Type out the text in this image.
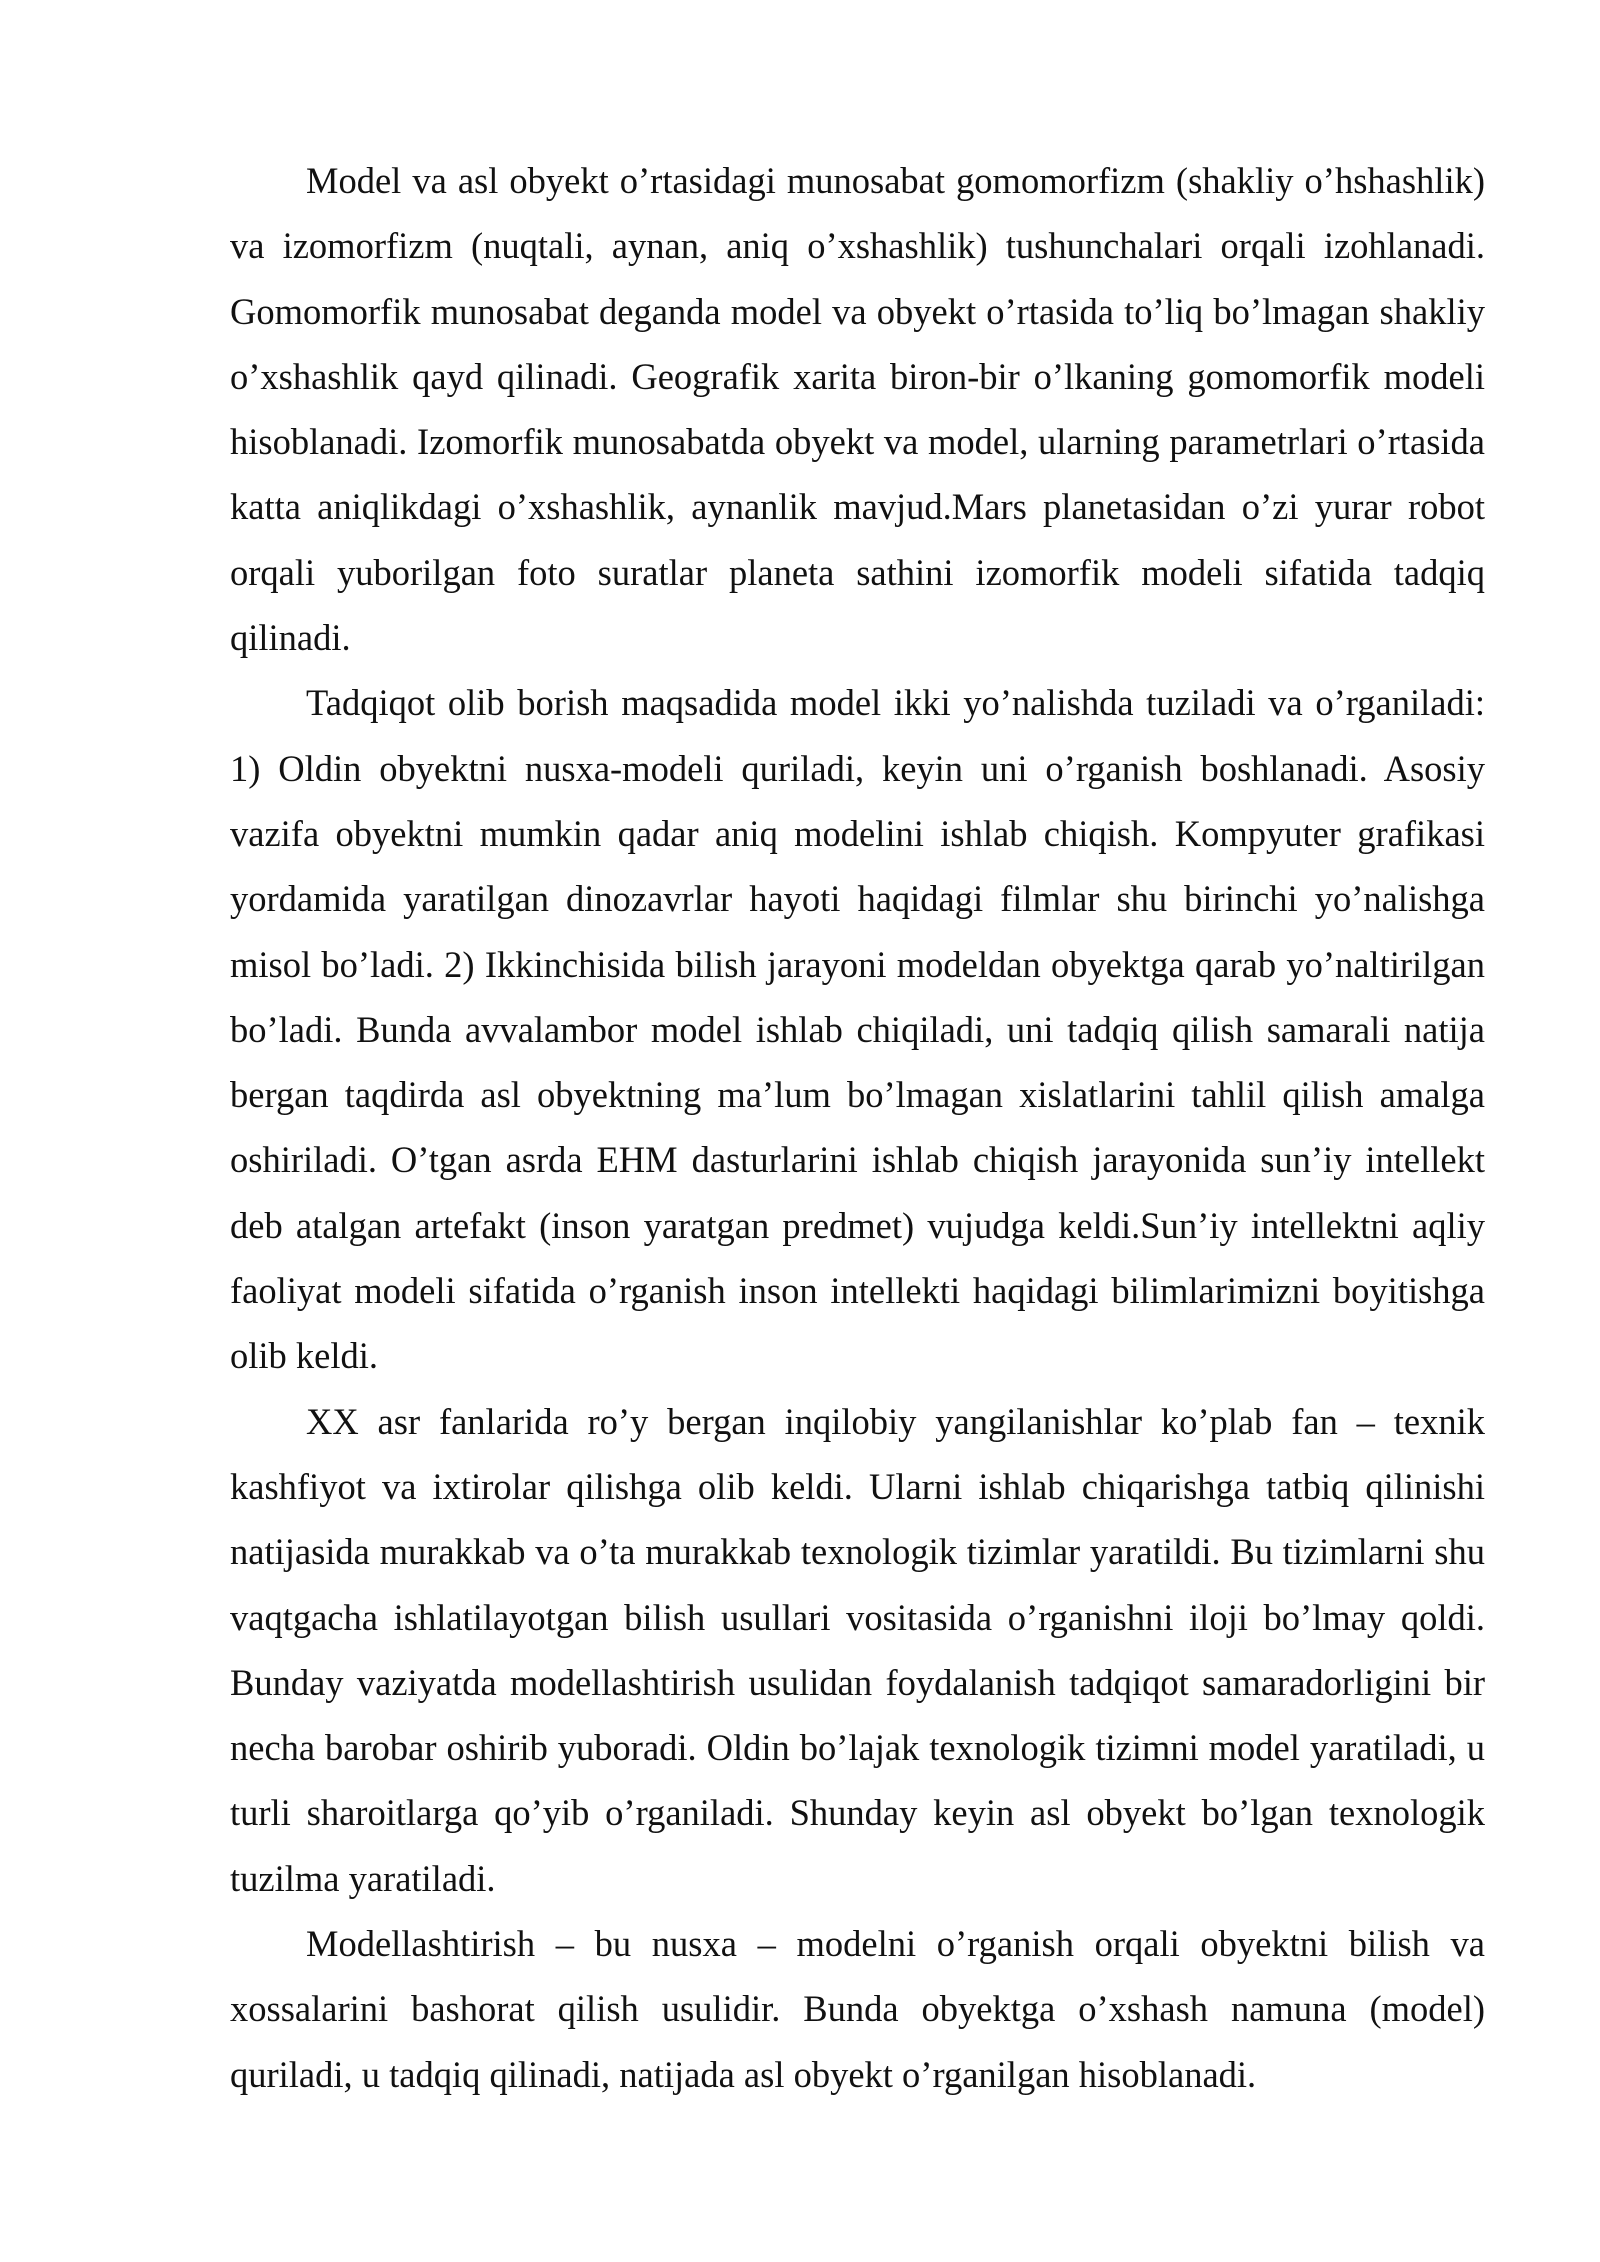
Model va asl obyekt o’rtasidagi munosabat gomomorfizm (shakliy o’hshashlik) va izomorfizm (nuqtali, aynan, aniq o’xshashlik) tushunchalari orqali izohlanadi. Gomomorfik munosabat deganda model va obyekt o’rtasida to’liq bo’lmagan shakliy o’xshashlik qayd qilinadi. Geografik xarita biron-bir o’lkaning gomomorfik modeli hisoblanadi. Izomorfik munosabatda obyekt va model, ularning parametrlari o’rtasida katta aniqlikdagi o’xshashlik, aynanlik mavjud.Mars planetasidan o’zi yurar robot orqali yuborilgan foto suratlar planeta sathini izomorfik modeli sifatida tadqiq qilinadi.

Tadqiqot olib borish maqsadida model ikki yo’nalishda tuziladi va o’rganiladi: 1) Oldin obyektni nusxa-modeli quriladi, keyin uni o’rganish boshlanadi. Asosiy vazifa obyektni mumkin qadar aniq modelini ishlab chiqish. Kompyuter grafikasi yordamida yaratilgan dinozavrlar hayoti haqidagi filmlar shu birinchi yo’nalishga misol bo’ladi. 2) Ikkinchisida bilish jarayoni modeldan obyektga qarab yo’naltirilgan bo’ladi. Bunda avvalambor model ishlab chiqiladi, uni tadqiq qilish samarali natija bergan taqdirda asl obyektning ma’lum bo’lmagan xislatlarini tahlil qilish amalga oshiriladi. O’tgan asrda EHM dasturlarini ishlab chiqish jarayonida sun’iy intellekt deb atalgan artefakt (inson yaratgan predmet) vujudga keldi.Sun’iy intellektni aqliy faoliyat modeli sifatida o’rganish inson intellekti haqidagi bilimlarimizni boyitishga olib keldi.

XX asr fanlarida ro’y bergan inqilobiy yangilanishlar ko’plab fan – texnik kashfiyot va ixtirolar qilishga olib keldi. Ularni ishlab chiqarishga tatbiq qilinishi natijasida murakkab va o’ta murakkab texnologik tizimlar yaratildi. Bu tizimlarni shu vaqtgacha ishlatilayotgan bilish usullari vositasida o’rganishni iloji bo’lmay qoldi. Bunday vaziyatda modellashtirish usulidan foydalanish tadqiqot samaradorligini bir necha barobar oshirib yuboradi. Oldin bo’lajak texnologik tizimni model yaratiladi, u turli sharoitlarga qo’yib o’rganiladi. Shunday keyin asl obyekt bo’lgan texnologik tuzilma yaratiladi.

Modellashtirish – bu nusxa – modelni o’rganish orqali obyektni bilish va xossalarini bashorat qilish usulidir. Bunda obyektga o’xshash namuna (model) quriladi, u tadqiq qilinadi, natijada asl obyekt o’rganilgan hisoblanadi.
